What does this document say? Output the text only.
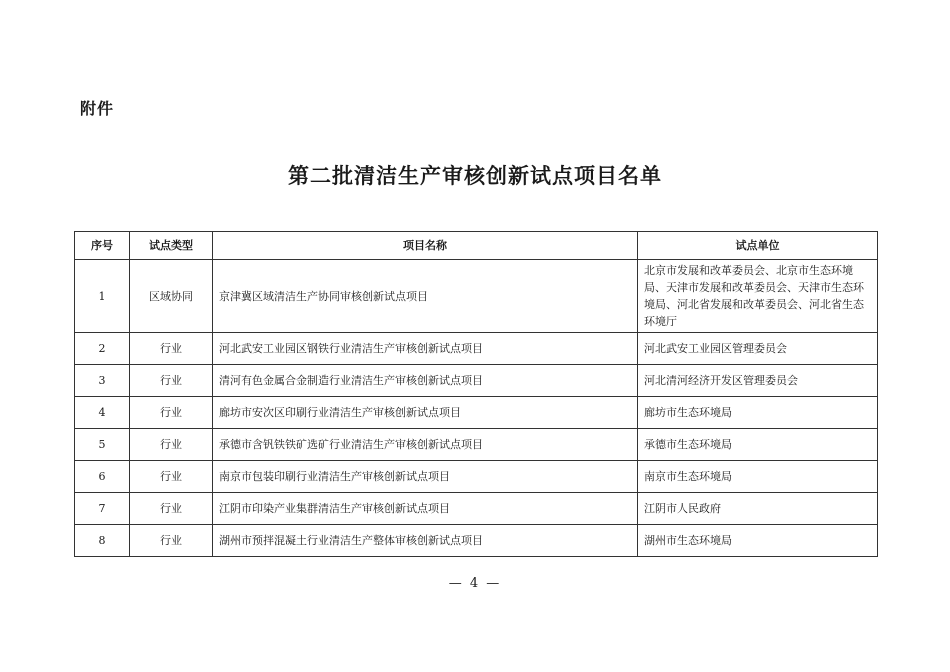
附件
第二批清洁生产审核创新试点项目名单
序号	试点类型	项目名称	试点单位
1	区域协同	京津冀区域清洁生产协同审核创新试点项目	北京市发展和改革委员会、北京市生态环境局、天津市发展和改革委员会、天津市生态环境局、河北省发展和改革委员会、河北省生态环境厅
2	行业	河北武安工业园区钢铁行业清洁生产审核创新试点项目	河北武安工业园区管理委员会
3	行业	清河有色金属合金制造行业清洁生产审核创新试点项目	河北清河经济开发区管理委员会
4	行业	廊坊市安次区印刷行业清洁生产审核创新试点项目	廊坊市生态环境局
5	行业	承德市含钒铁铁矿选矿行业清洁生产审核创新试点项目	承德市生态环境局
6	行业	南京市包装印刷行业清洁生产审核创新试点项目	南京市生态环境局
7	行业	江阴市印染产业集群清洁生产审核创新试点项目	江阴市人民政府
8	行业	湖州市预拌混凝土行业清洁生产整体审核创新试点项目	湖州市生态环境局
— 4 —
